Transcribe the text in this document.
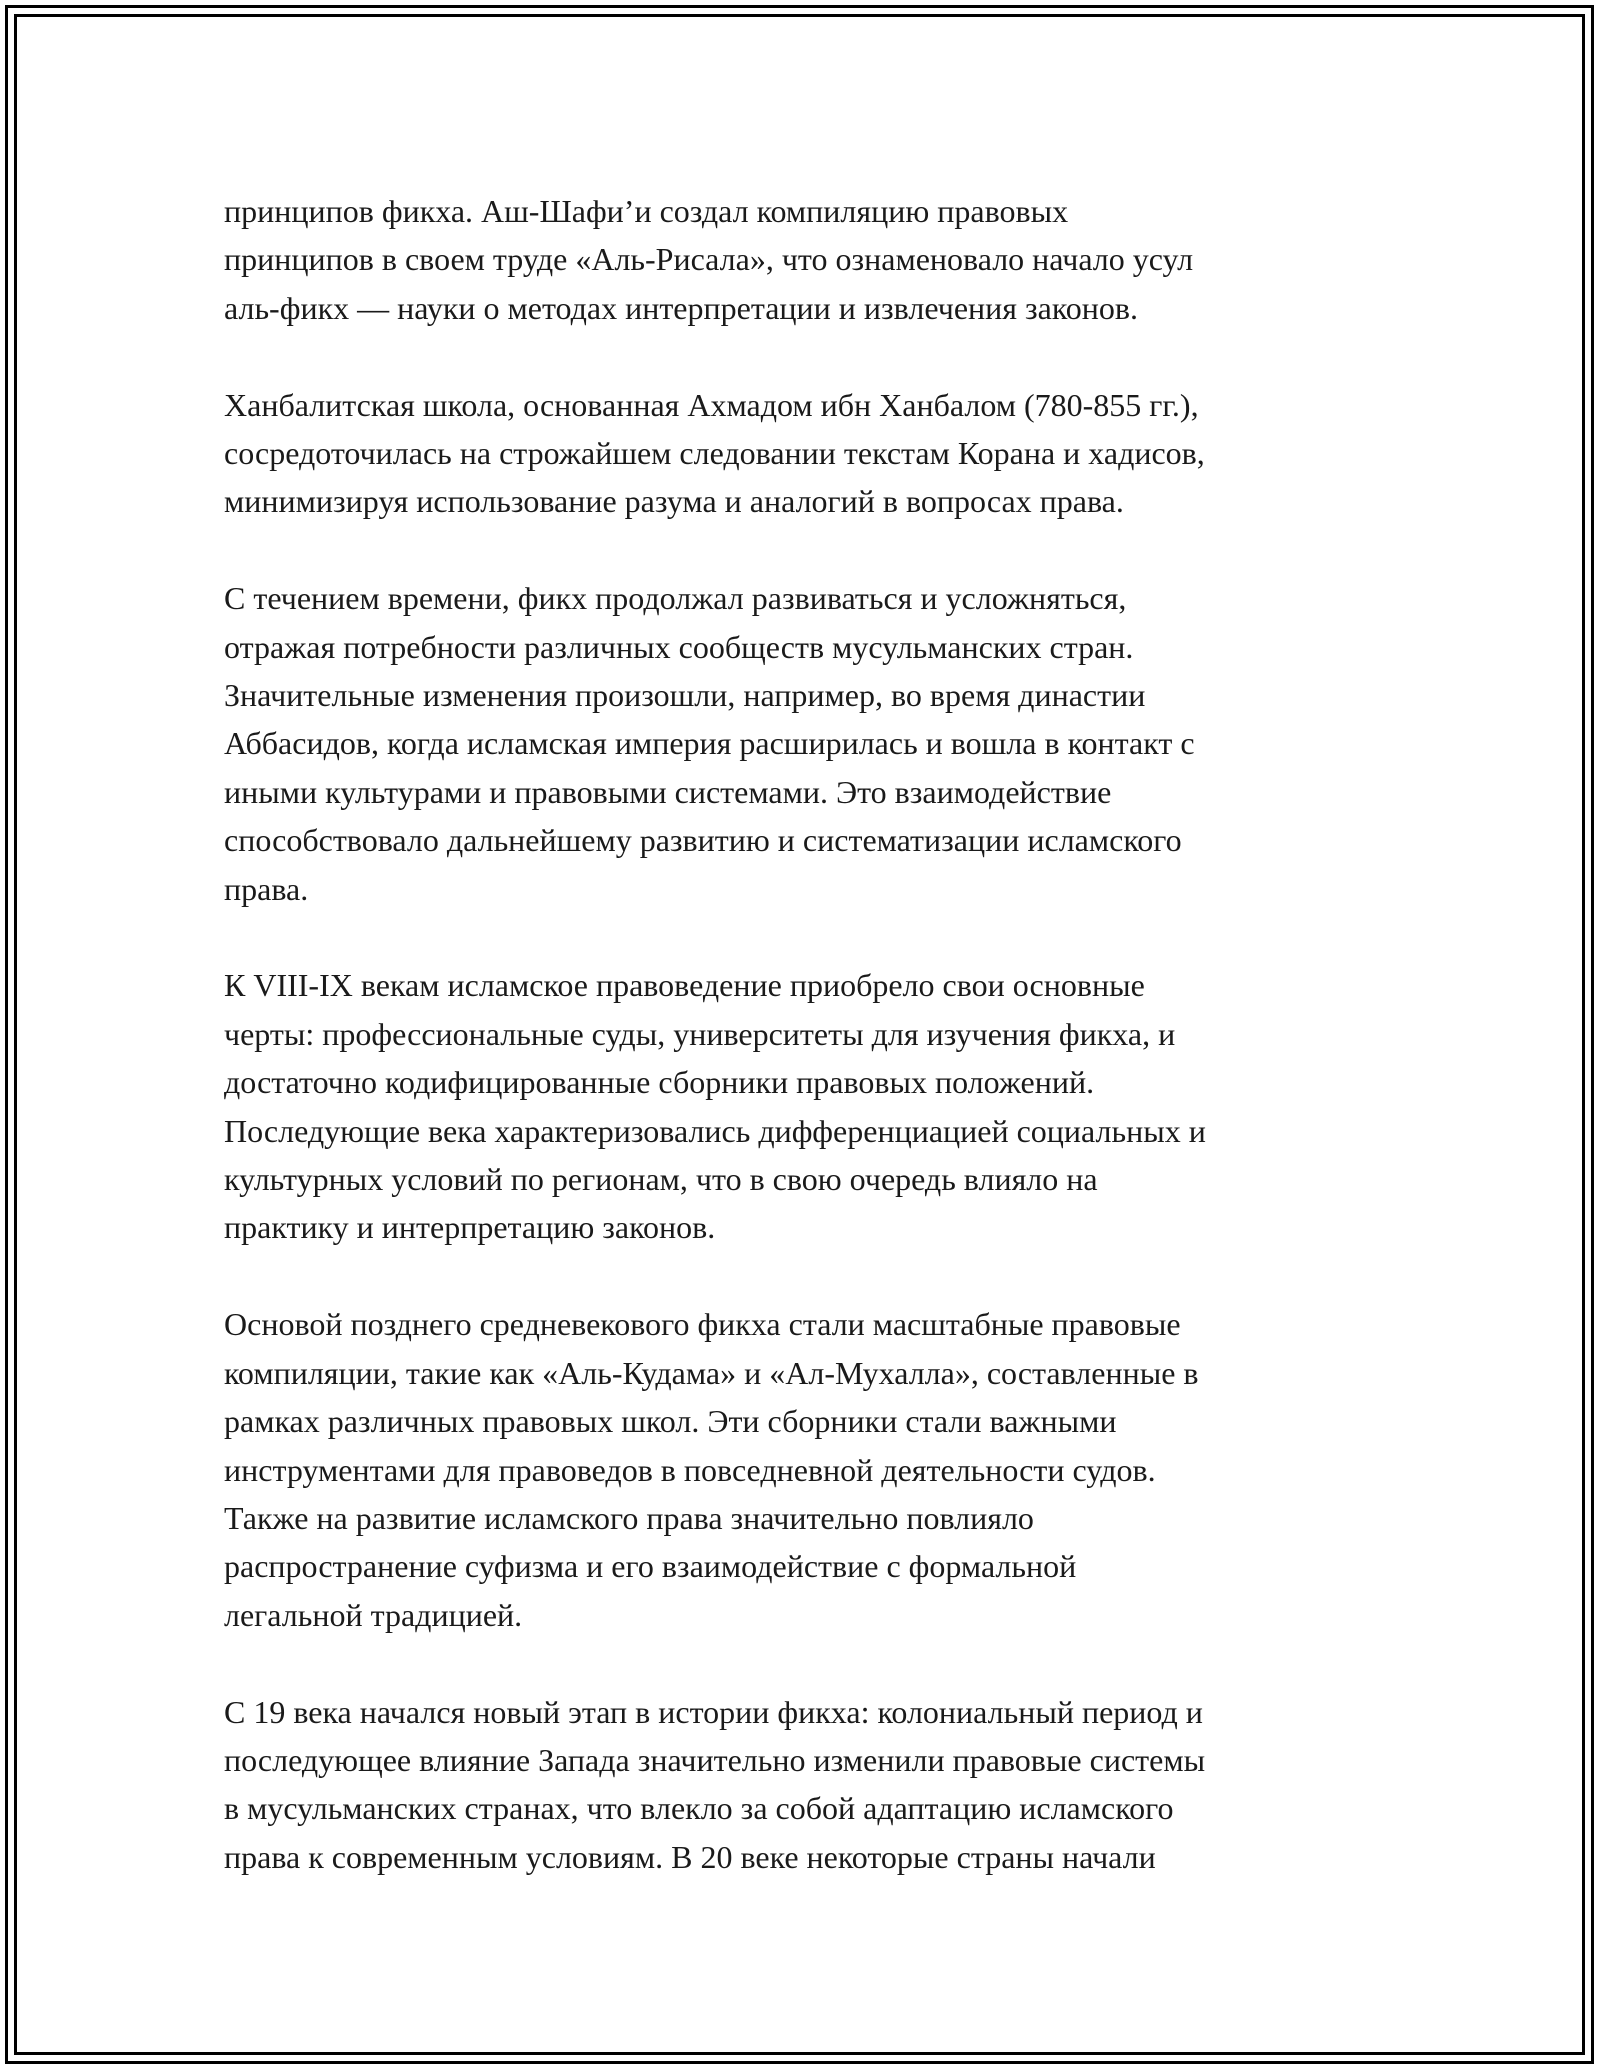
принципов фикха. Аш-Шафи’и создал компиляцию правовых
принципов в своем труде «Аль-Рисала», что ознаменовало начало усул
аль-фикх — науки о методах интерпретации и извлечения законов.
Ханбалитская школа, основанная Ахмадом ибн Ханбалом (780-855 гг.),
сосредоточилась на строжайшем следовании текстам Корана и хадисов,
минимизируя использование разума и аналогий в вопросах права.
С течением времени, фикх продолжал развиваться и усложняться,
отражая потребности различных сообществ мусульманских стран.
Значительные изменения произошли, например, во время династии
Аббасидов, когда исламская империя расширилась и вошла в контакт с
иными культурами и правовыми системами. Это взаимодействие
способствовало дальнейшему развитию и систематизации исламского
права.
К VIII-IX векам исламское правоведение приобрело свои основные
черты: профессиональные суды, университеты для изучения фикха, и
достаточно кодифицированные сборники правовых положений.
Последующие века характеризовались дифференциацией социальных и
культурных условий по регионам, что в свою очередь влияло на
практику и интерпретацию законов.
Основой позднего средневекового фикха стали масштабные правовые
компиляции, такие как «Аль-Кудама» и «Ал-Мухалла», составленные в
рамках различных правовых школ. Эти сборники стали важными
инструментами для правоведов в повседневной деятельности судов.
Также на развитие исламского права значительно повлияло
распространение суфизма и его взаимодействие с формальной
легальной традицией.
С 19 века начался новый этап в истории фикха: колониальный период и
последующее влияние Запада значительно изменили правовые системы
в мусульманских странах, что влекло за собой адаптацию исламского
права к современным условиям. В 20 веке некоторые страны начали
